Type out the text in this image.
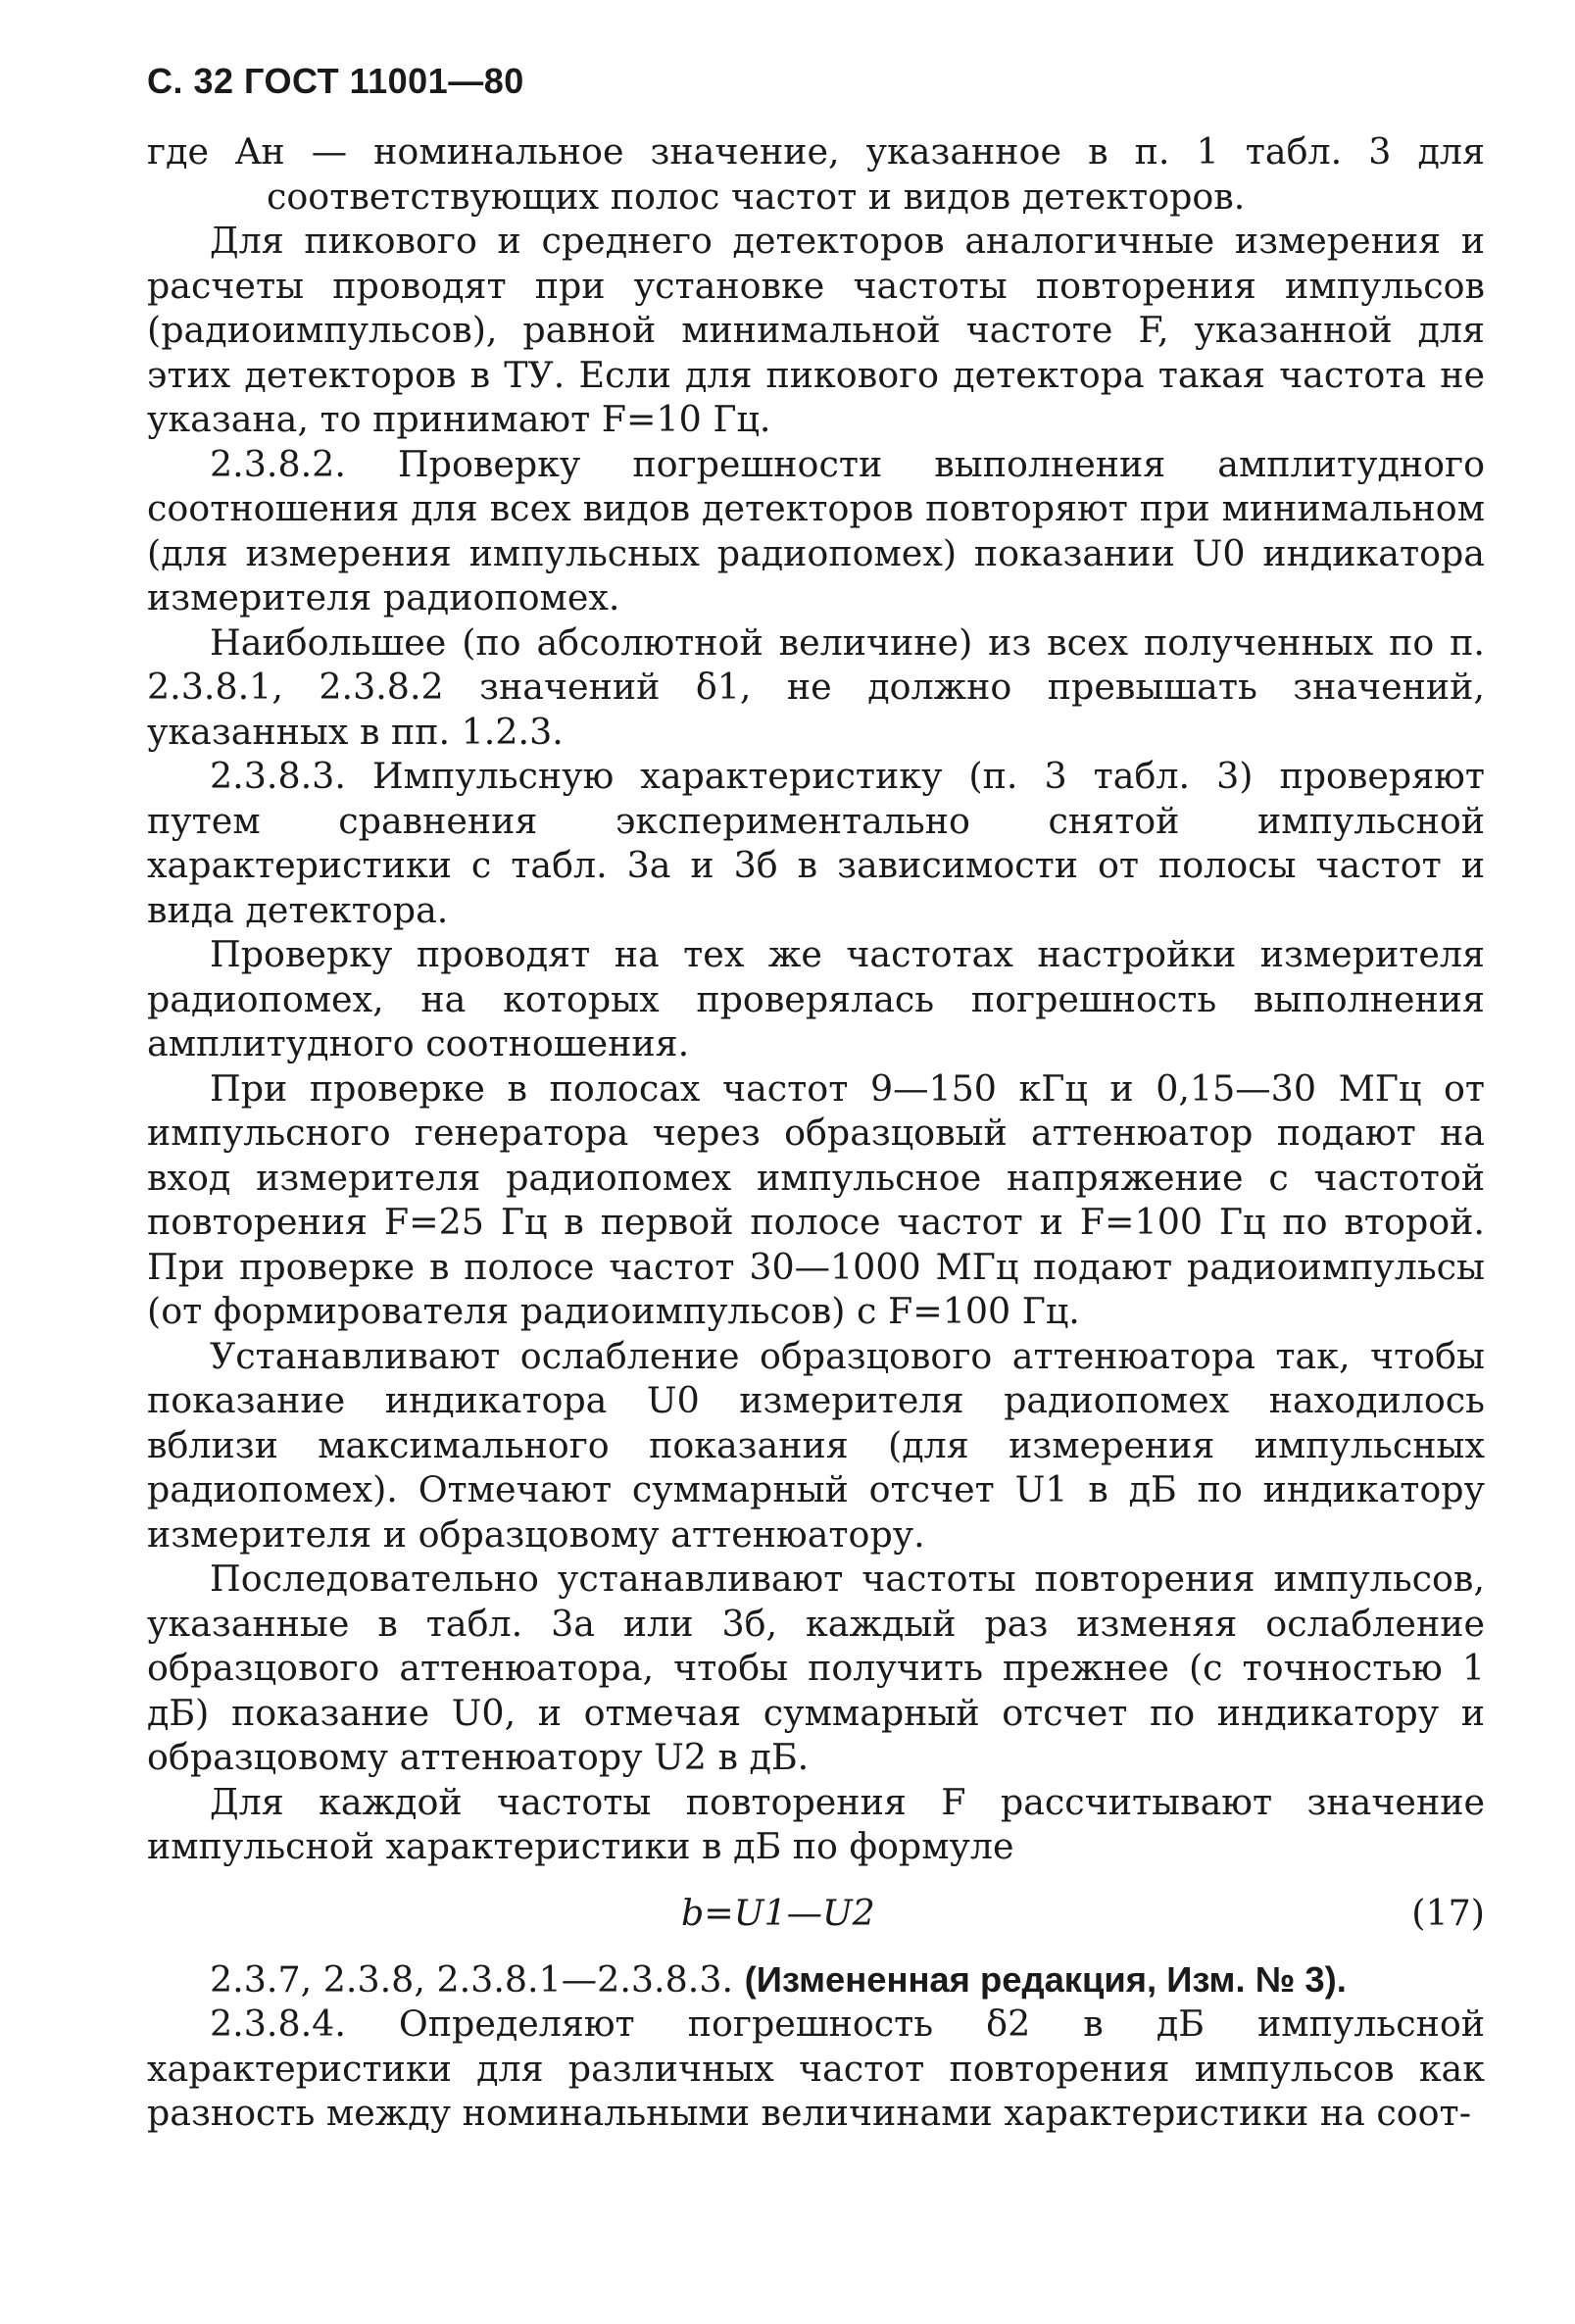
С. 32 ГОСТ 11001—80

где Aн — номинальное значение, указанное в п. 1 табл. 3 для соответствующих полос частот и видов детекторов.

Для пикового и среднего детекторов аналогичные измерения и расчеты проводят при установке частоты повторения импульсов (радиоимпульсов), равной минимальной частоте F, указанной для этих детекторов в ТУ. Если для пикового детектора такая частота не указана, то принимают F=10 Гц.

2.3.8.2. Проверку погрешности выполнения амплитудного соотношения для всех видов детекторов повторяют при минимальном (для измерения импульсных радиопомех) показании U0 индикатора измерителя радиопомех.

Наибольшее (по абсолютной величине) из всех полученных по п. 2.3.8.1, 2.3.8.2 значений δ1, не должно превышать значений, указанных в пп. 1.2.3.

2.3.8.3. Импульсную характеристику (п. 3 табл. 3) проверяют путем сравнения экспериментально снятой импульсной характеристики с табл. 3а и 3б в зависимости от полосы частот и вида детектора.

Проверку проводят на тех же частотах настройки измерителя радиопомех, на которых проверялась погрешность выполнения амплитудного соотношения.

При проверке в полосах частот 9—150 кГц и 0,15—30 МГц от импульсного генератора через образцовый аттенюатор подают на вход измерителя радиопомех импульсное напряжение с частотой повторения F=25 Гц в первой полосе частот и F=100 Гц по второй. При проверке в полосе частот 30—1000 МГц подают радиоимпульсы (от формирователя радиоимпульсов) с F=100 Гц.

Устанавливают ослабление образцового аттенюатора так, чтобы показание индикатора U0 измерителя радиопомех находилось вблизи максимального показания (для измерения импульсных радиопомех). Отмечают суммарный отсчет U1 в дБ по индикатору измерителя и образцовому аттенюатору.

Последовательно устанавливают частоты повторения импульсов, указанные в табл. 3а или 3б, каждый раз изменяя ослабление образцового аттенюатора, чтобы получить прежнее (с точностью 1 дБ) показание U0, и отмечая суммарный отсчет по индикатору и образцовому аттенюатору U2 в дБ.

Для каждой частоты повторения F рассчитывают значение импульсной характеристики в дБ по формуле

b=U1—U2	(17)

2.3.7, 2.3.8, 2.3.8.1—2.3.8.3. (Измененная редакция, Изм. № 3).

2.3.8.4. Определяют погрешность δ2 в дБ импульсной характеристики для различных частот повторения импульсов как разность между номинальными величинами характеристики на соот-
